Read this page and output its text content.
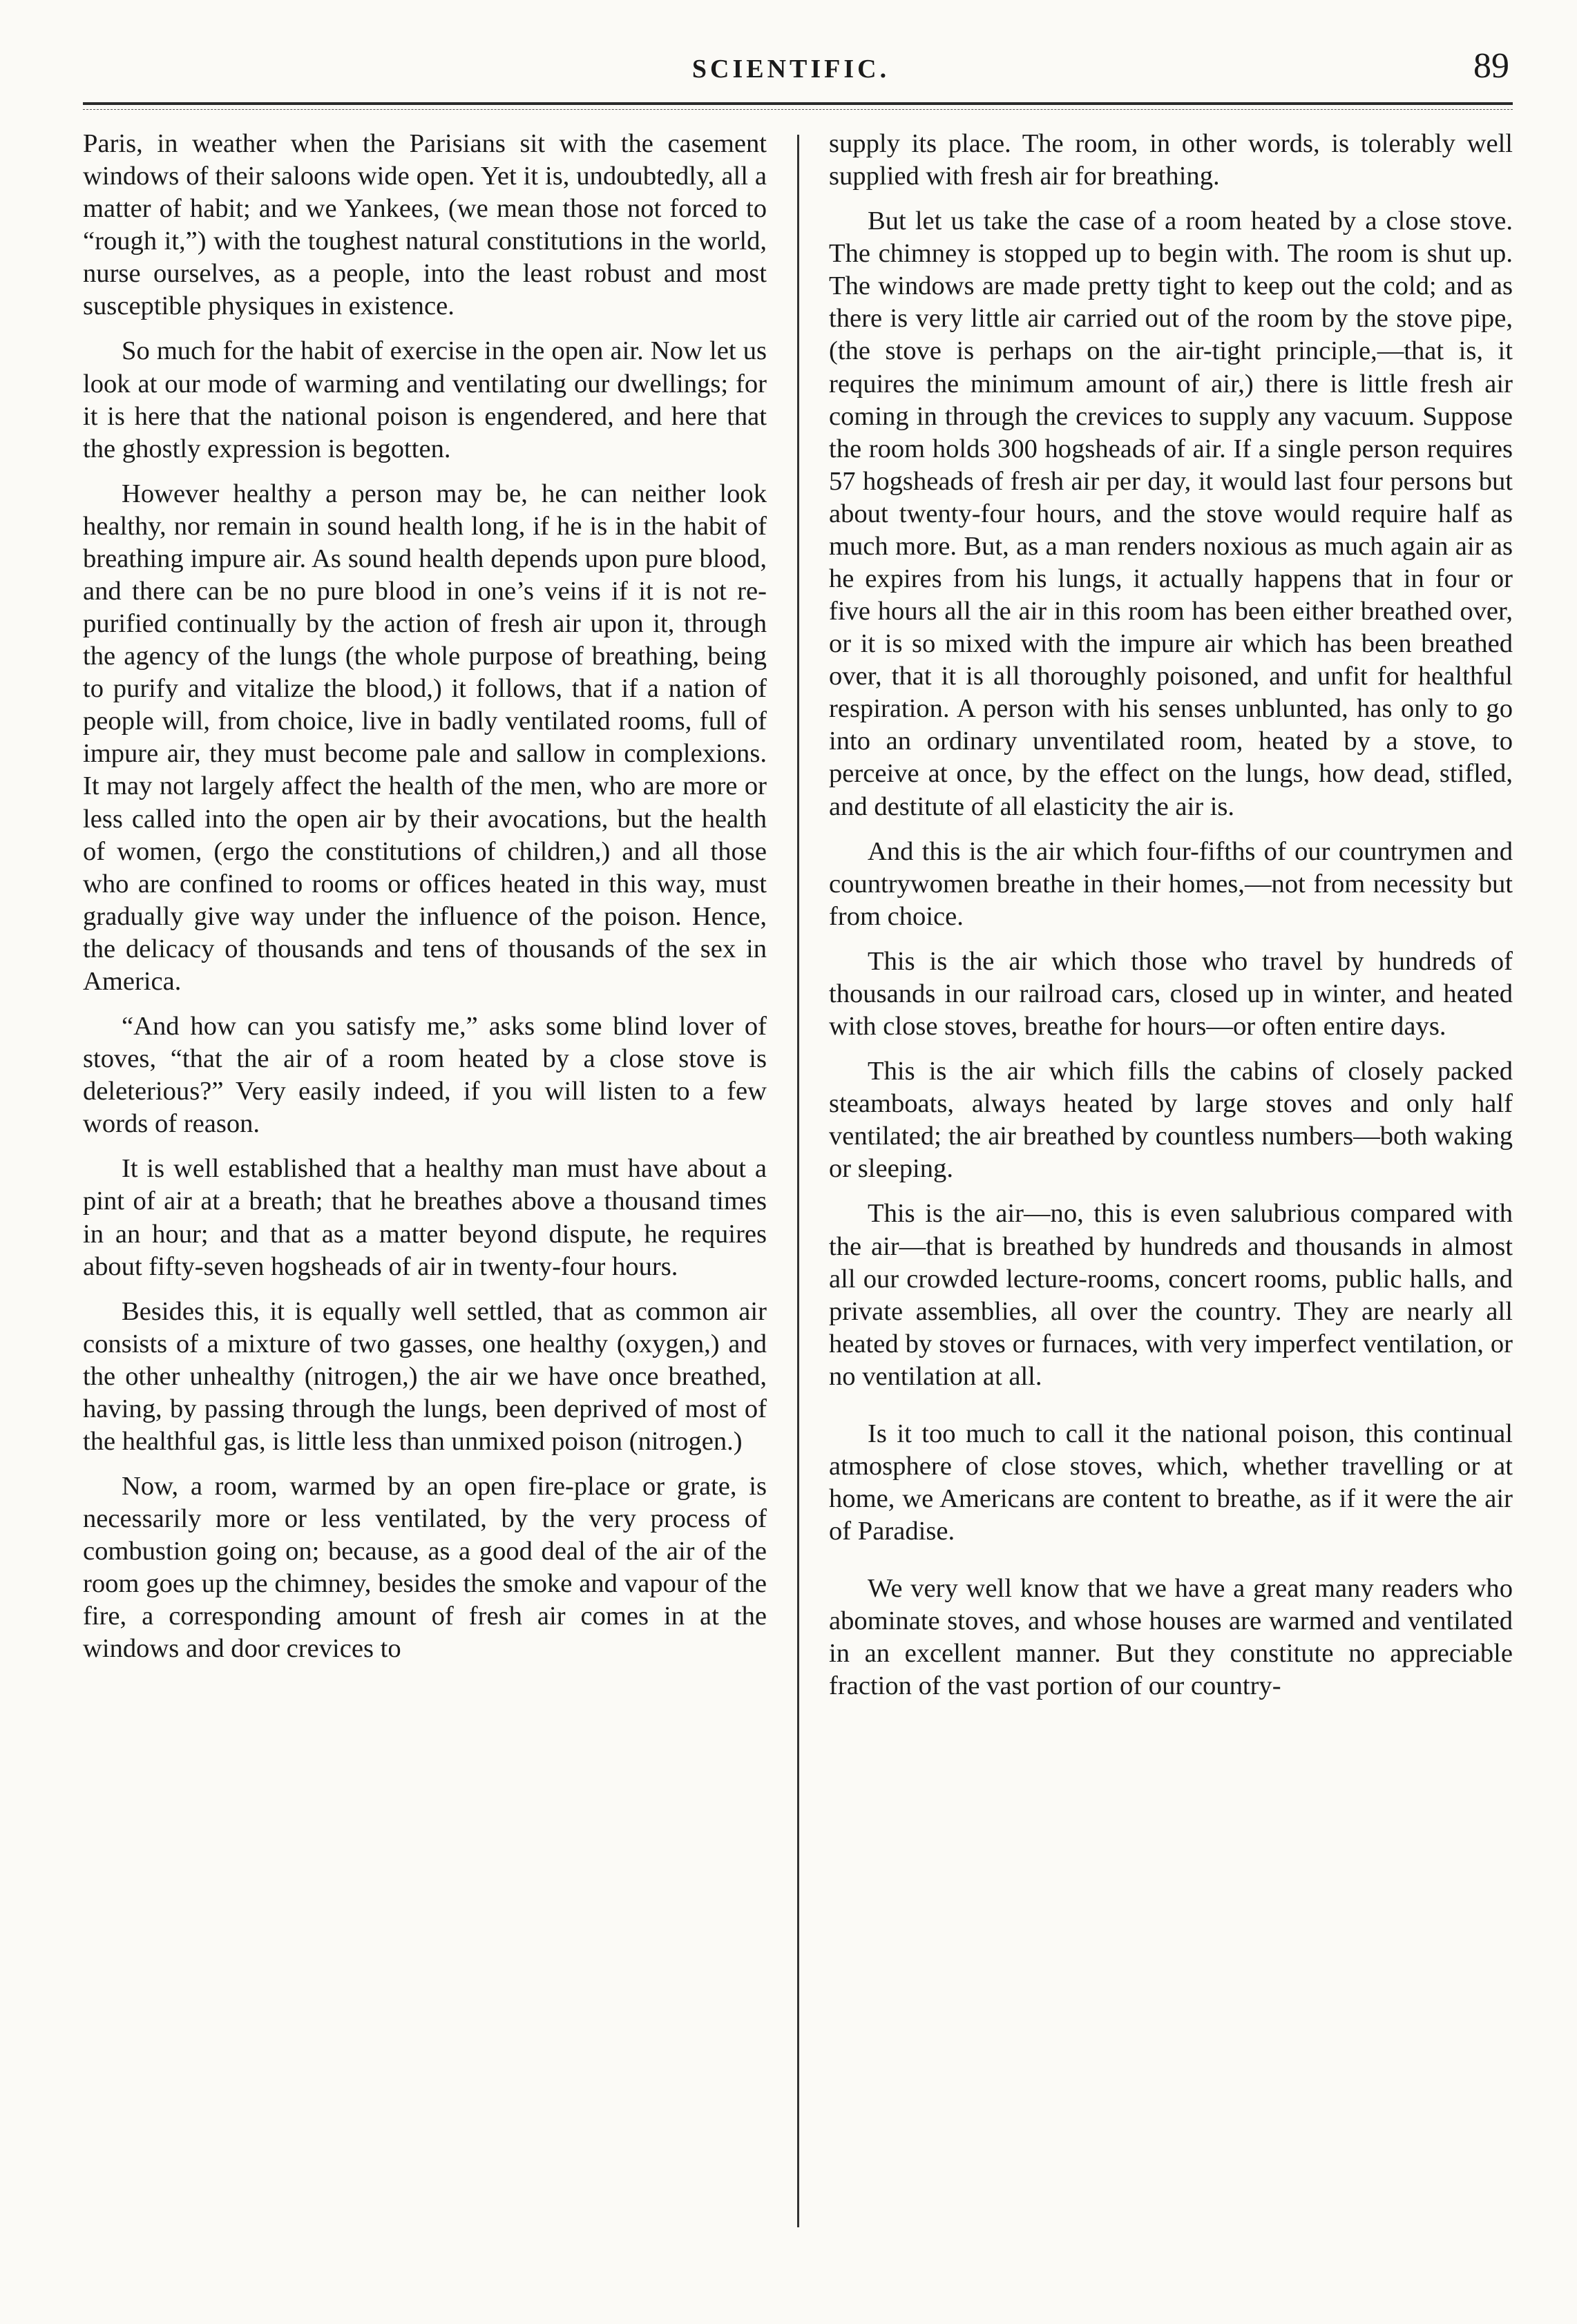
SCIENTIFIC.	89

Paris, in weather when the Parisians sit with the casement windows of their saloons wide open. Yet it is, undoubtedly, all a matter of habit; and we Yankees, (we mean those not forced to “rough it,”) with the toughest natural constitutions in the world, nurse ourselves, as a people, into the least robust and most susceptible physiques in existence.

So much for the habit of exercise in the open air. Now let us look at our mode of warming and ventilating our dwellings; for it is here that the national poison is engendered, and here that the ghostly expression is begotten.

However healthy a person may be, he can neither look healthy, nor remain in sound health long, if he is in the habit of breathing impure air. As sound health depends upon pure blood, and there can be no pure blood in one’s veins if it is not re-purified continually by the action of fresh air upon it, through the agency of the lungs (the whole purpose of breathing, being to purify and vitalize the blood,) it follows, that if a nation of people will, from choice, live in badly ventilated rooms, full of impure air, they must become pale and sallow in complexions. It may not largely affect the health of the men, who are more or less called into the open air by their avocations, but the health of women, (ergo the constitutions of children,) and all those who are confined to rooms or offices heated in this way, must gradually give way under the influence of the poison. Hence, the delicacy of thousands and tens of thousands of the sex in America.

“And how can you satisfy me,” asks some blind lover of stoves, “that the air of a room heated by a close stove is deleterious?” Very easily indeed, if you will listen to a few words of reason.

It is well established that a healthy man must have about a pint of air at a breath; that he breathes above a thousand times in an hour; and that as a matter beyond dispute, he requires about fifty-seven hogsheads of air in twenty-four hours.

Besides this, it is equally well settled, that as common air consists of a mixture of two gasses, one healthy (oxygen,) and the other unhealthy (nitrogen,) the air we have once breathed, having, by passing through the lungs, been deprived of most of the healthful gas, is little less than unmixed poison (nitrogen.)

Now, a room, warmed by an open fire-place or grate, is necessarily more or less ventilated, by the very process of combustion going on; because, as a good deal of the air of the room goes up the chimney, besides the smoke and vapour of the fire, a corresponding amount of fresh air comes in at the windows and door crevices to

supply its place. The room, in other words, is tolerably well supplied with fresh air for breathing.

But let us take the case of a room heated by a close stove. The chimney is stopped up to begin with. The room is shut up. The windows are made pretty tight to keep out the cold; and as there is very little air carried out of the room by the stove pipe, (the stove is perhaps on the air-tight principle,—that is, it requires the minimum amount of air,) there is little fresh air coming in through the crevices to supply any vacuum. Suppose the room holds 300 hogsheads of air. If a single person requires 57 hogsheads of fresh air per day, it would last four persons but about twenty-four hours, and the stove would require half as much more. But, as a man renders noxious as much again air as he expires from his lungs, it actually happens that in four or five hours all the air in this room has been either breathed over, or it is so mixed with the impure air which has been breathed over, that it is all thoroughly poisoned, and unfit for healthful respiration. A person with his senses unblunted, has only to go into an ordinary unventilated room, heated by a stove, to perceive at once, by the effect on the lungs, how dead, stifled, and destitute of all elasticity the air is.

And this is the air which four-fifths of our countrymen and countrywomen breathe in their homes,—not from necessity but from choice.

This is the air which those who travel by hundreds of thousands in our railroad cars, closed up in winter, and heated with close stoves, breathe for hours—or often entire days.

This is the air which fills the cabins of closely packed steamboats, always heated by large stoves and only half ventilated; the air breathed by countless numbers—both waking or sleeping.

This is the air—no, this is even salubrious compared with the air—that is breathed by hundreds and thousands in almost all our crowded lecture-rooms, concert rooms, public halls, and private assemblies, all over the country. They are nearly all heated by stoves or furnaces, with very imperfect ventilation, or no ventilation at all.

Is it too much to call it the national poison, this continual atmosphere of close stoves, which, whether travelling or at home, we Americans are content to breathe, as if it were the air of Paradise.

We very well know that we have a great many readers who abominate stoves, and whose houses are warmed and ventilated in an excellent manner. But they constitute no appreciable fraction of the vast portion of our country-
